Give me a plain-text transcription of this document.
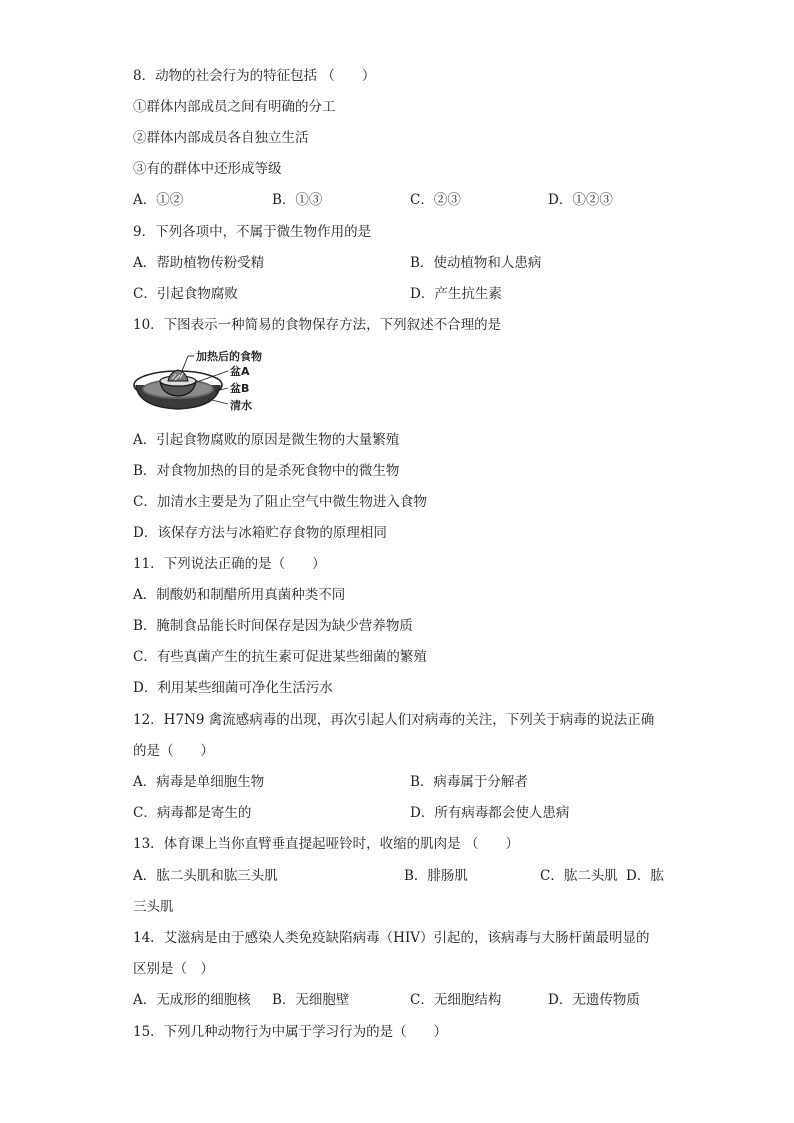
8．动物的社会行为的特征包括 （　　）
①群体内部成员之间有明确的分工
②群体内部成员各自独立生活
③有的群体中还形成等级
A．①②	B．①③	C．②③	D．①②③
9．下列各项中，不属于微生物作用的是
A．帮助植物传粉受精	B．使动植物和人患病
C．引起食物腐败	D．产生抗生素
10．下图表示一种简易的食物保存方法，下列叙述不合理的是
加热后的食物
盆A
盆B
清水
A．引起食物腐败的原因是微生物的大量繁殖
B．对食物加热的目的是杀死食物中的微生物
C．加清水主要是为了阻止空气中微生物进入食物
D．该保存方法与冰箱贮存食物的原理相同
11．下列说法正确的是（　　）
A．制酸奶和制醋所用真菌种类不同
B．腌制食品能长时间保存是因为缺少营养物质
C．有些真菌产生的抗生素可促进某些细菌的繁殖
D．利用某些细菌可净化生活污水
12．H7N9 禽流感病毒的出现，再次引起人们对病毒的关注，下列关于病毒的说法正确
的是（　　）
A．病毒是单细胞生物	B．病毒属于分解者
C．病毒都是寄生的	D．所有病毒都会使人患病
13．体育课上当你直臂垂直提起哑铃时，收缩的肌肉是 （　　）
A．肱二头肌和肱三头肌	B．腓肠肌	C．肱二头肌 D．肱
三头肌
14．艾滋病是由于感染人类免疫缺陷病毒（HIV）引起的，该病毒与大肠杆菌最明显的
区别是（　）
A．无成形的细胞核 B．无细胞壁	C．无细胞结构	D．无遗传物质
15．下列几种动物行为中属于学习行为的是（　　）
